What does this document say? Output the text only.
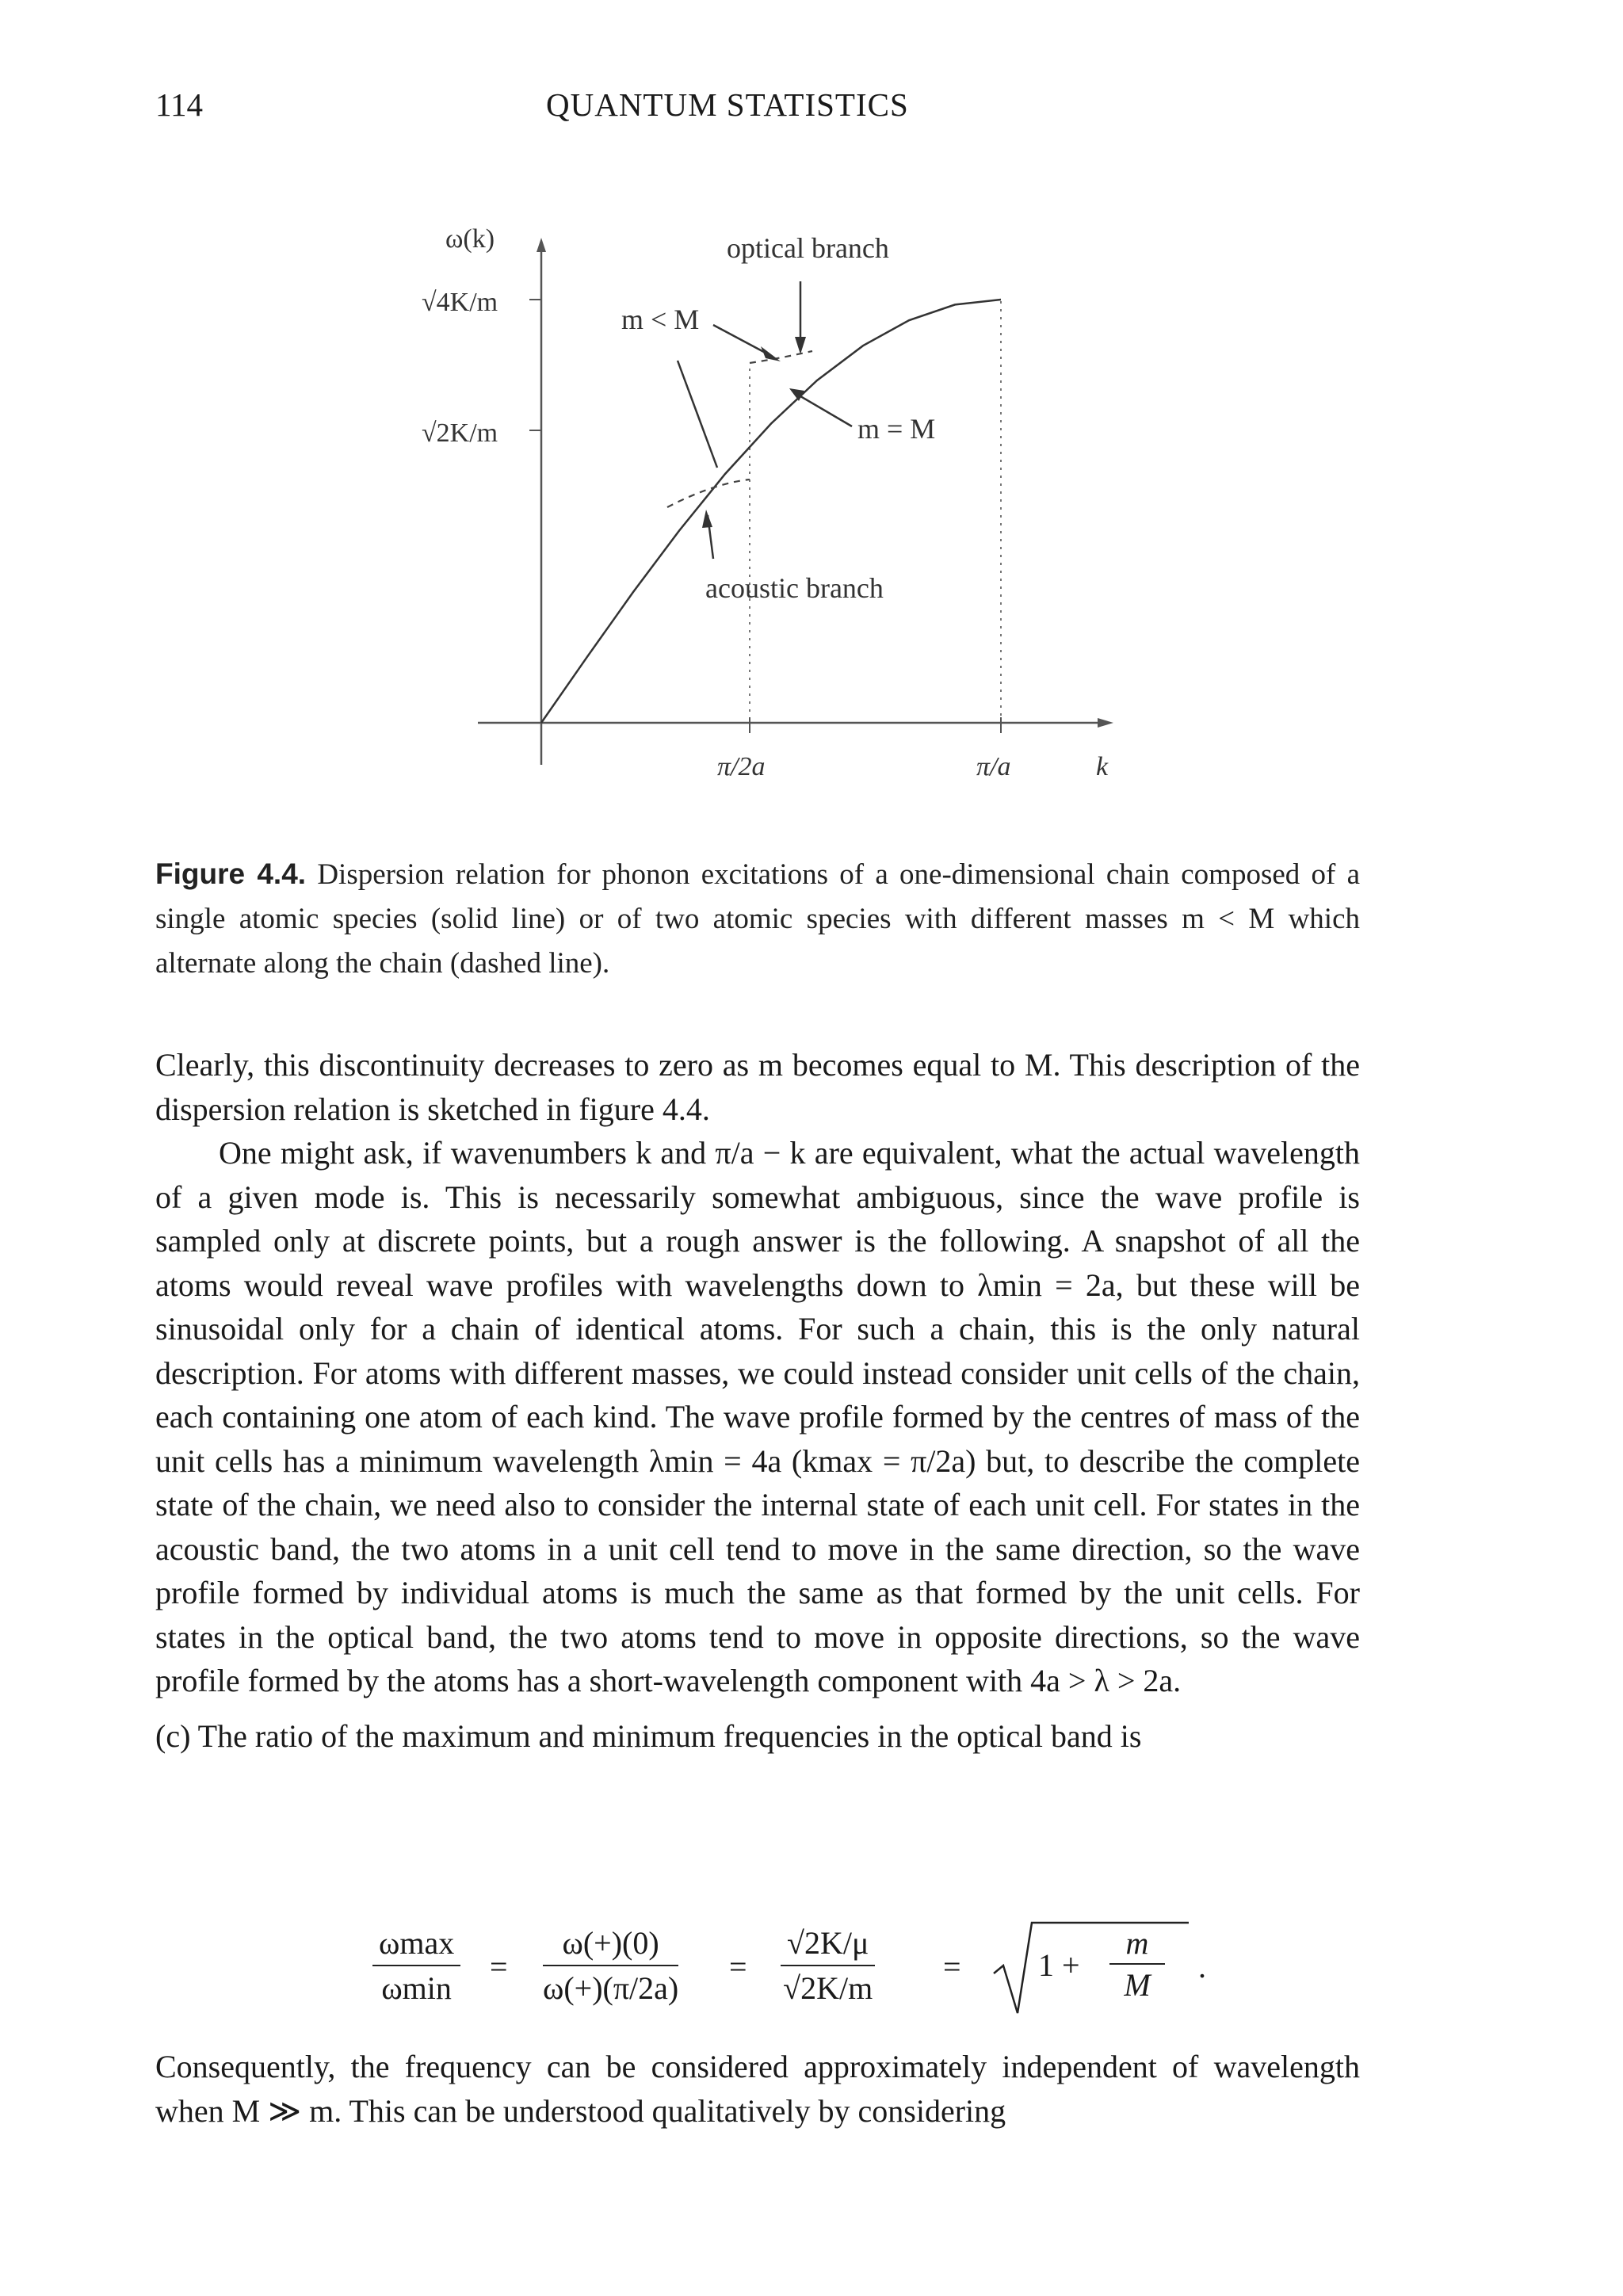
114	QUANTUM STATISTICS
ω(k)
√4K/m
√2K/m
π/2a	π/a	k
optical branch
m < M
m = M
acoustic branch
Figure 4.4. Dispersion relation for phonon excitations of a one-dimensional chain composed of a single atomic species (solid line) or of two atomic species with different masses m < M which alternate along the chain (dashed line).

Clearly, this discontinuity decreases to zero as m becomes equal to M. This description of the dispersion relation is sketched in figure 4.4.

One might ask, if wavenumbers k and π/a − k are equivalent, what the actual wavelength of a given mode is. This is necessarily somewhat ambiguous, since the wave profile is sampled only at discrete points, but a rough answer is the following. A snapshot of all the atoms would reveal wave profiles with wavelengths down to λmin = 2a, but these will be sinusoidal only for a chain of identical atoms. For such a chain, this is the only natural description. For atoms with different masses, we could instead consider unit cells of the chain, each containing one atom of each kind. The wave profile formed by the centres of mass of the unit cells has a minimum wavelength λmin = 4a (kmax = π/2a) but, to describe the complete state of the chain, we need also to consider the internal state of each unit cell. For states in the acoustic band, the two atoms in a unit cell tend to move in the same direction, so the wave profile formed by individual atoms is much the same as that formed by the unit cells. For states in the optical band, the two atoms tend to move in opposite directions, so the wave profile formed by the atoms has a short-wavelength component with 4a > λ > 2a.

(c) The ratio of the maximum and minimum frequencies in the optical band is

ωmax
ωmin
= $\frac{\omega(+)(0)}{\omega(+)(\pi/2a)} = \frac{√2K/\mu}{√2K/m} = 1 + \frac{m}{M}$ .

Consequently, the frequency can be considered approximately independent of wavelength when M ≫ m. This can be understood qualitatively by considering
